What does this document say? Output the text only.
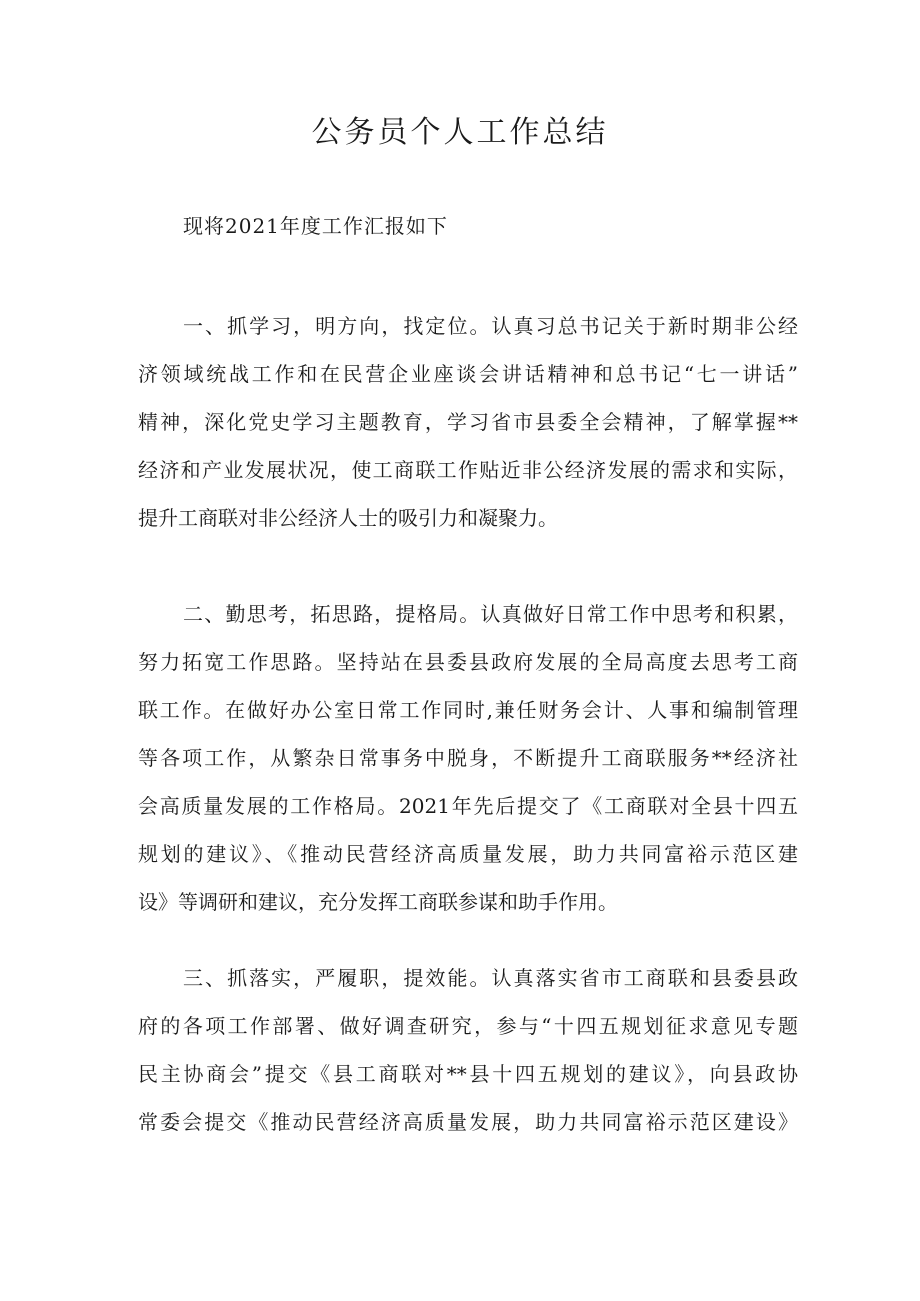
公务员个人工作总结

现将2021年度工作汇报如下

一、抓学习，明方向，找定位。认真习总书记关于新时期非公经
济领域统战工作和在民营企业座谈会讲话精神和总书记“七一讲话”
精神，深化党史学习主题教育，学习省市县委全会精神，了解掌握**
经济和产业发展状况，使工商联工作贴近非公经济发展的需求和实际，
提升工商联对非公经济人士的吸引力和凝聚力。
二、勤思考，拓思路，提格局。认真做好日常工作中思考和积累，
努力拓宽工作思路。坚持站在县委县政府发展的全局高度去思考工商
联工作。在做好办公室日常工作同时,兼任财务会计、人事和编制管理
等各项工作，从繁杂日常事务中脱身，不断提升工商联服务**经济社
会高质量发展的工作格局。2021年先后提交了《工商联对全县十四五
规划的建议》、《推动民营经济高质量发展，助力共同富裕示范区建
设》等调研和建议，充分发挥工商联参谋和助手作用。
三、抓落实，严履职，提效能。认真落实省市工商联和县委县政
府的各项工作部署、做好调查研究，参与“十四五规划征求意见专题
民主协商会”提交《县工商联对**县十四五规划的建议》，向县政协
常委会提交《推动民营经济高质量发展，助力共同富裕示范区建设》
